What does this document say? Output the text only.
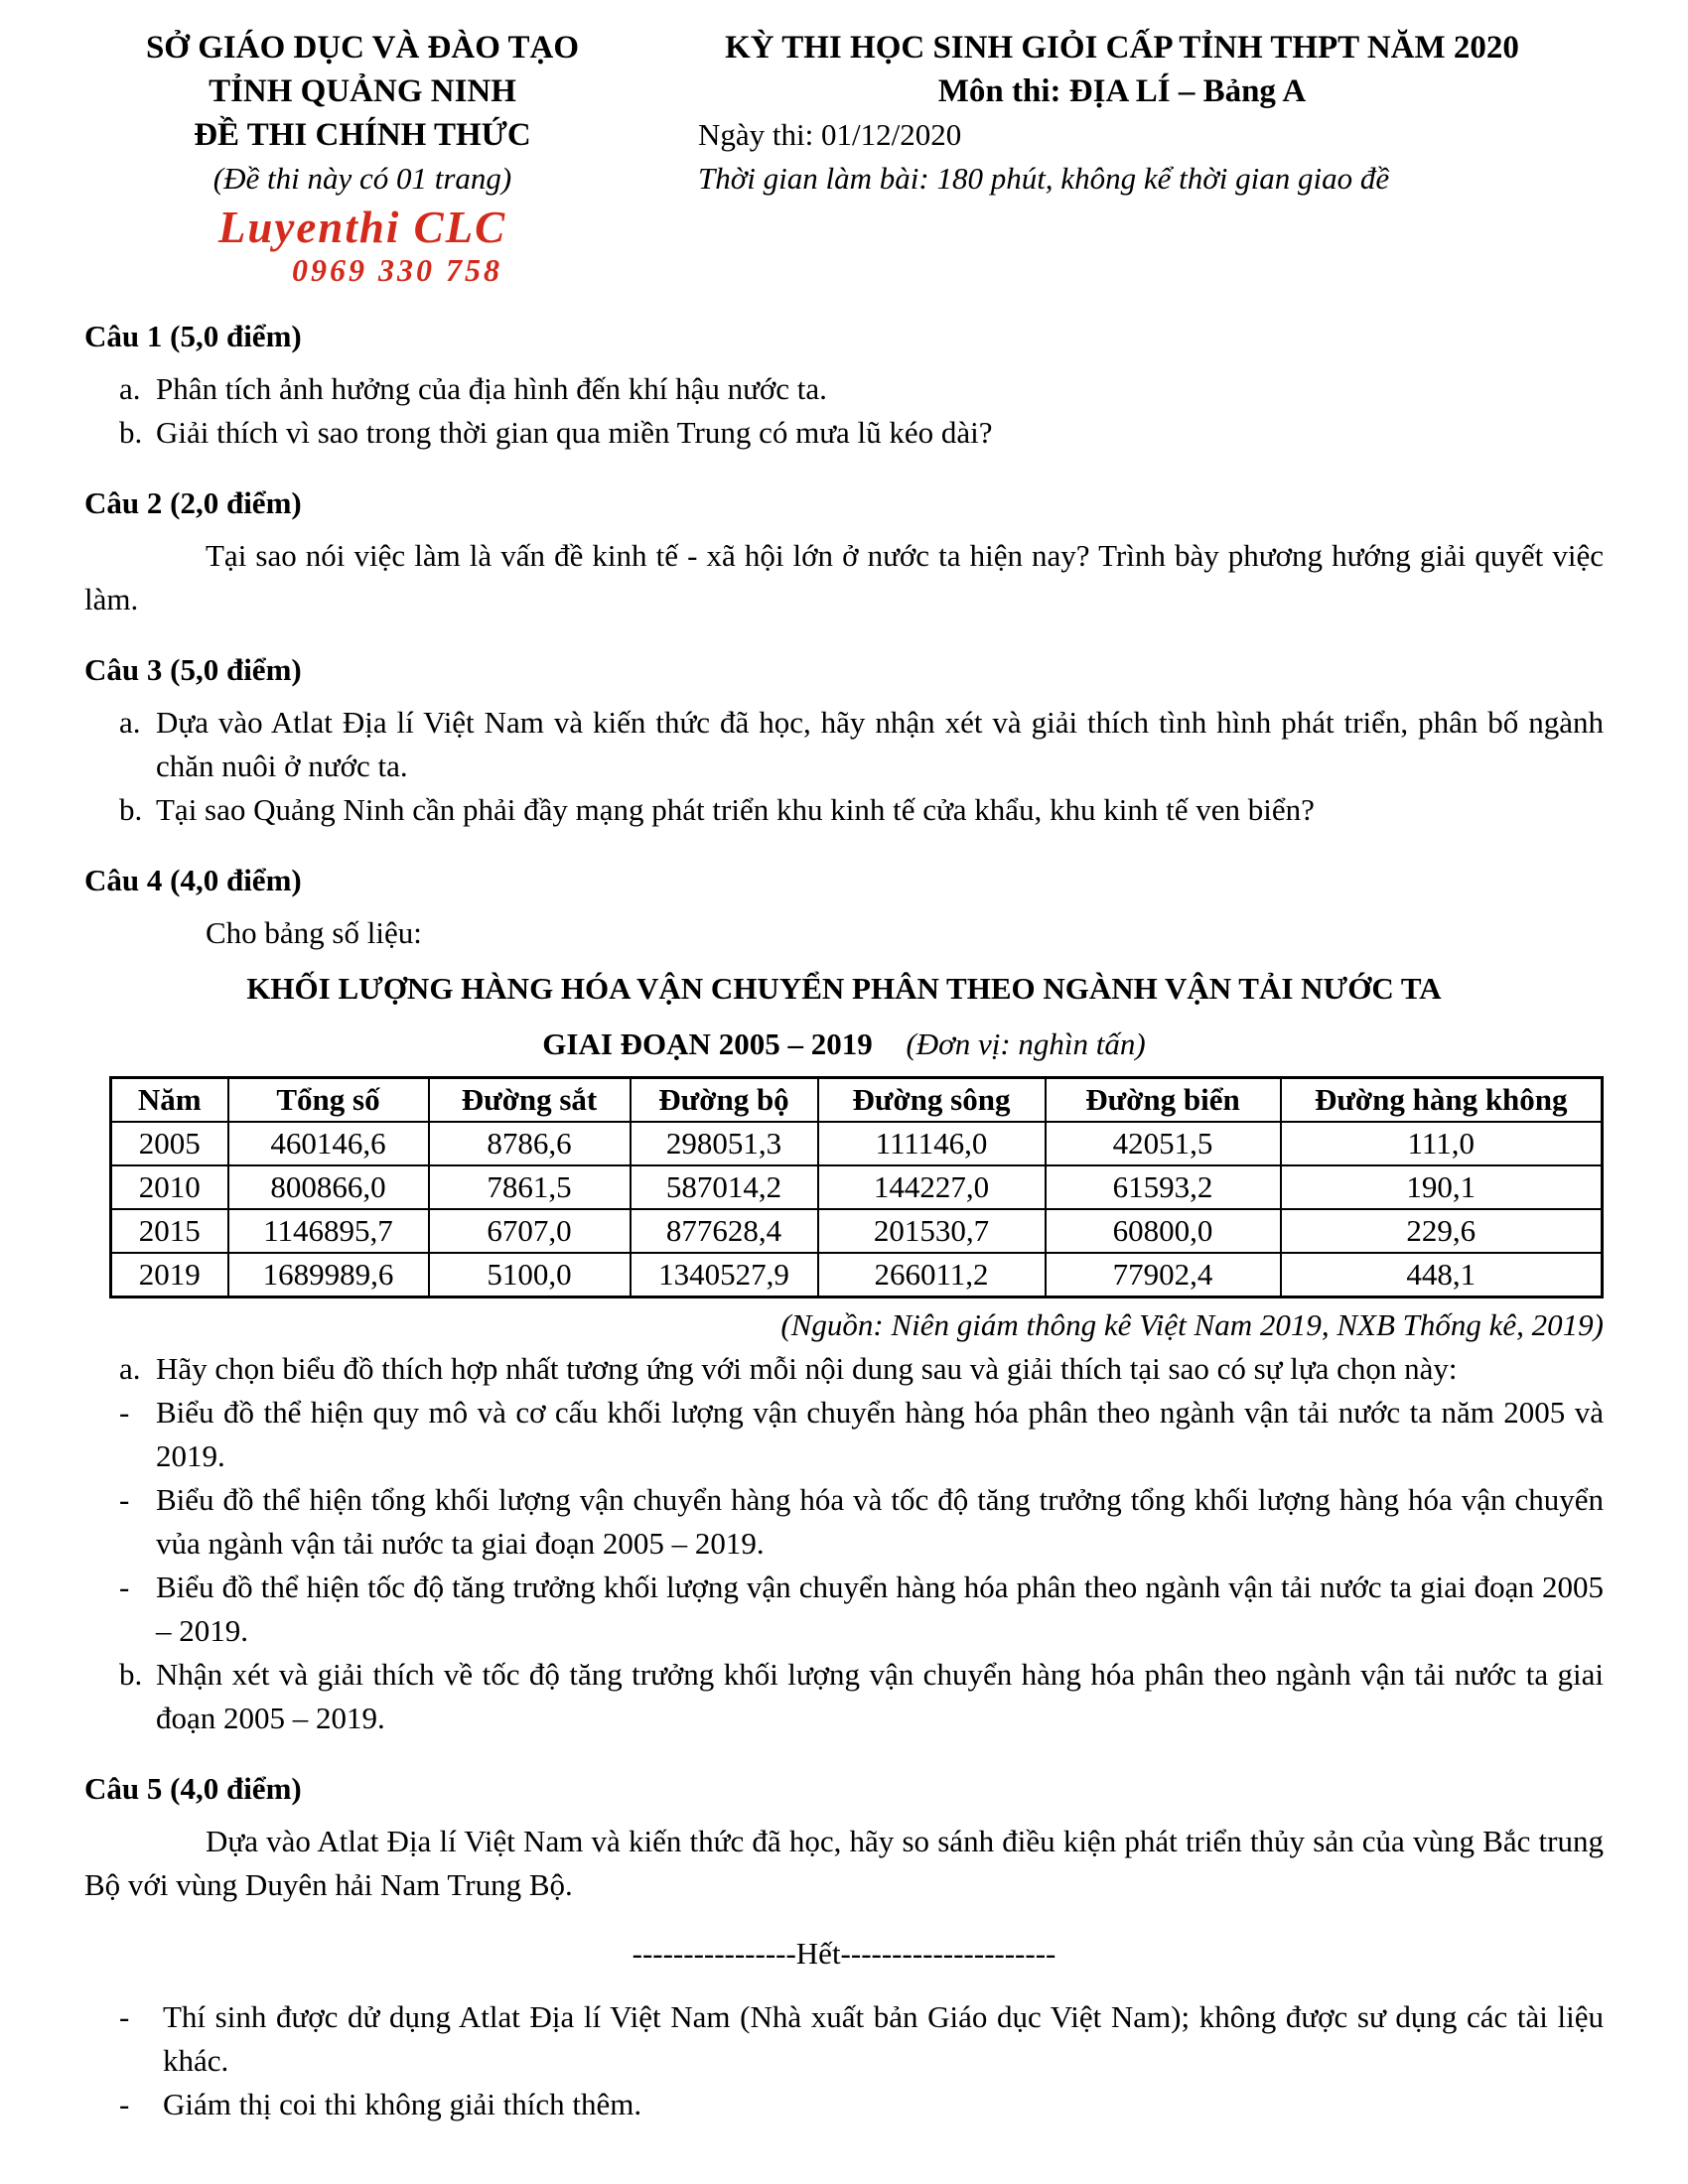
SỞ GIÁO DỤC VÀ ĐÀO TẠO
TỈNH QUẢNG NINH
ĐỀ THI CHÍNH THỨC
(Đề thi này có 01 trang)
Luyenthi CLC
0969 330 758
KỲ THI HỌC SINH GIỎI CẤP TỈNH THPT NĂM 2020
Môn thi: ĐỊA LÍ – Bảng A
Ngày thi: 01/12/2020
Thời gian làm bài: 180 phút, không kể thời gian giao đề
Câu 1 (5,0 điểm)
a. Phân tích ảnh hưởng của địa hình đến khí hậu nước ta.
b. Giải thích vì sao trong thời gian qua miền Trung có mưa lũ kéo dài?
Câu 2 (2,0 điểm)
Tại sao nói việc làm là vấn đề kinh tế - xã hội lớn ở nước ta hiện nay? Trình bày phương hướng giải quyết việc làm.
Câu 3 (5,0 điểm)
a. Dựa vào Atlat Địa lí Việt Nam và kiến thức đã học, hãy nhận xét và giải thích tình hình phát triển, phân bố ngành chăn nuôi ở nước ta.
b. Tại sao Quảng Ninh cần phải đầy mạng phát triển khu kinh tế cửa khẩu, khu kinh tế ven biển?
Câu 4 (4,0 điểm)
Cho bảng số liệu:
KHỐI LƯỢNG HÀNG HÓA VẬN CHUYỂN PHÂN THEO NGÀNH VẬN TẢI NƯỚC TA
GIAI ĐOẠN 2005 – 2019 (Đơn vị: nghìn tấn)
Năm	Tổng số	Đường sắt	Đường bộ	Đường sông	Đường biển	Đường hàng không
2005	460146,6	8786,6	298051,3	111146,0	42051,5	111,0
2010	800866,0	7861,5	587014,2	144227,0	61593,2	190,1
2015	1146895,7	6707,0	877628,4	201530,7	60800,0	229,6
2019	1689989,6	5100,0	1340527,9	266011,2	77902,4	448,1
(Nguồn: Niên giám thông kê Việt Nam 2019, NXB Thống kê, 2019)
a. Hãy chọn biểu đồ thích hợp nhất tương ứng với mỗi nội dung sau và giải thích tại sao có sự lựa chọn này:
- Biểu đồ thể hiện quy mô và cơ cấu khối lượng vận chuyển hàng hóa phân theo ngành vận tải nước ta năm 2005 và 2019.
- Biểu đồ thể hiện tổng khối lượng vận chuyển hàng hóa và tốc độ tăng trưởng tổng khối lượng hàng hóa vận chuyển vủa ngành vận tải nước ta giai đoạn 2005 – 2019.
- Biểu đồ thể hiện tốc độ tăng trưởng khối lượng vận chuyển hàng hóa phân theo ngành vận tải nước ta giai đoạn 2005 – 2019.
b. Nhận xét và giải thích về tốc độ tăng trưởng khối lượng vận chuyển hàng hóa phân theo ngành vận tải nước ta giai đoạn 2005 – 2019.
Câu 5 (4,0 điểm)
Dựa vào Atlat Địa lí Việt Nam và kiến thức đã học, hãy so sánh điều kiện phát triển thủy sản của vùng Bắc trung Bộ với vùng Duyên hải Nam Trung Bộ.
----------------Hết---------------------
- Thí sinh được dử dụng Atlat Địa lí Việt Nam (Nhà xuất bản Giáo dục Việt Nam); không được sư dụng các tài liệu khác.
- Giám thị coi thi không giải thích thêm.
